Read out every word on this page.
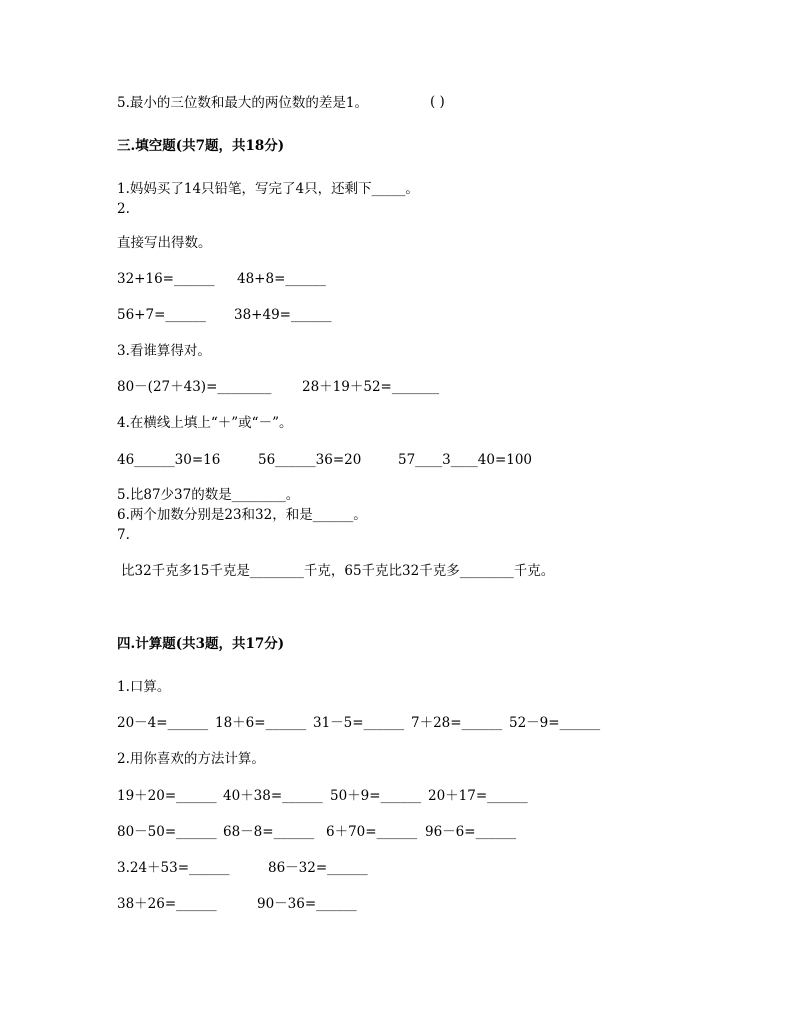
5.最小的三位数和最大的两位数的差是1。	( )
三.填空题(共7题，共18分)
1.妈妈买了14只铅笔，写完了4只，还剩下_____。
2.
直接写出得数。
32+16=______ 48+8=______
56+7=______ 38+49=______
3.看谁算得对。
80－(27＋43)=________ 28＋19＋52=_______
4.在横线上填上“＋”或“－”。
46______30=16	56______36=20	57____3____40=100
5.比87少37的数是________。
6.两个加数分别是23和32，和是______。
7.
比32千克多15千克是________千克，65千克比32千克多________千克。
四.计算题(共3题，共17分)
1.口算。
20－4=______ 18＋6=______ 31－5=______ 7＋28=______ 52－9=______
2.用你喜欢的方法计算。
19＋20=______ 40＋38=______ 50＋9=______ 20＋17=______
80－50=______ 68－8=______ 6＋70=______ 96－6=______
3.24＋53=______	86－32=______
38＋26=______	90－36=______
